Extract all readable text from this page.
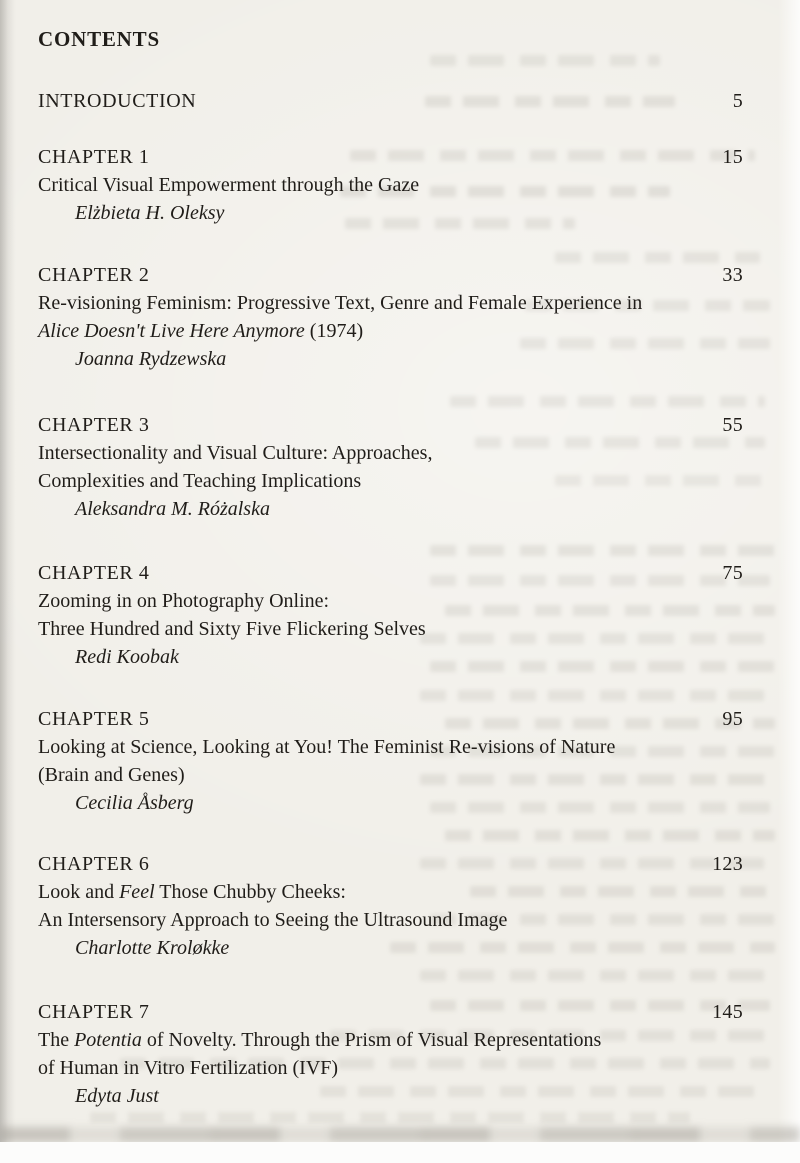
CONTENTS
INTRODUCTION	5
CHAPTER 1	15
Critical Visual Empowerment through the Gaze
Elżbieta H. Oleksy
CHAPTER 2	33
Re-visioning Feminism: Progressive Text, Genre and Female Experience in
Alice Doesn't Live Here Anymore (1974)
Joanna Rydzewska
CHAPTER 3	55
Intersectionality and Visual Culture: Approaches,
Complexities and Teaching Implications
Aleksandra M. Różalska
CHAPTER 4	75
Zooming in on Photography Online:
Three Hundred and Sixty Five Flickering Selves
Redi Koobak
CHAPTER 5	95
Looking at Science, Looking at You! The Feminist Re-visions of Nature
(Brain and Genes)
Cecilia Åsberg
CHAPTER 6	123
Look and Feel Those Chubby Cheeks:
An Intersensory Approach to Seeing the Ultrasound Image
Charlotte Kroløkke
CHAPTER 7	145
The Potentia of Novelty. Through the Prism of Visual Representations
of Human in Vitro Fertilization (IVF)
Edyta Just
